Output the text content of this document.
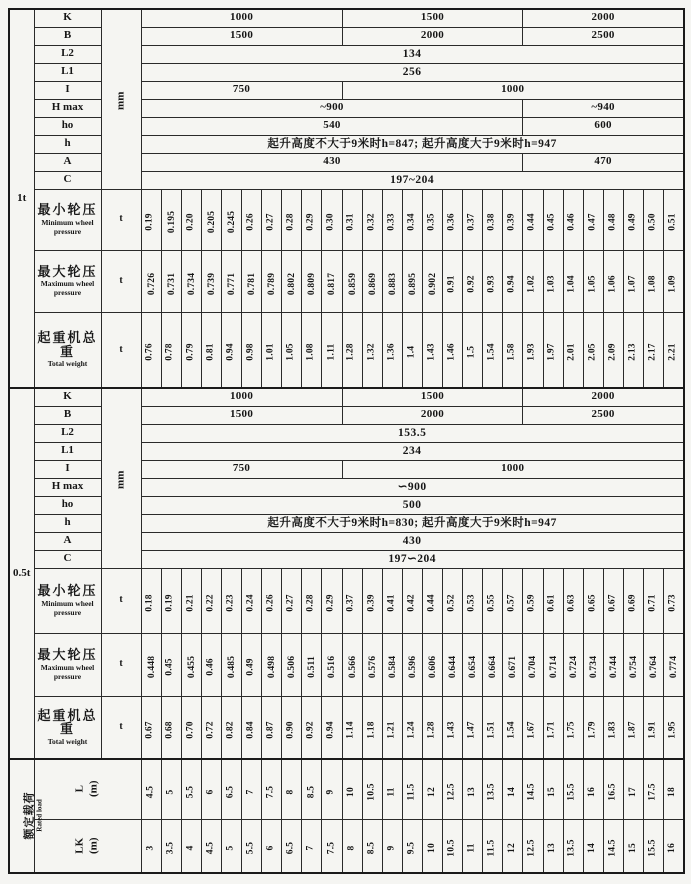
1t	K	mm	1000										1500									2000							
	B		1500										2000									2500							
	L2		134																										
	L1		256																										
	I		750										1000																
	H max		~900																			~940							
	ho		540																			600							
	h		起升高度不大于9米时h=847; 起升高度大于9米时h=947																										
	A		430																			470							
	C		197~204																										

	最小轮压
Minimum wheel pressure	t	0.19	0.195	0.20	0.205	0.245	0.26	0.27	0.28	0.29	0.30	0.31	0.32	0.33	0.34	0.35	0.36	0.37	0.38	0.39	0.44	0.45	0.46	0.47	0.48	0.49	0.50	0.51

	最大轮压
Maximum wheel pressure	t	0.726	0.731	0.734	0.739	0.771	0.781	0.789	0.802	0.809	0.817	0.859	0.869	0.883	0.895	0.902	0.91	0.92	0.93	0.94	1.02	1.03	1.04	1.05	1.06	1.07	1.08	1.09

	起重机总重
Total weight	t	0.76	0.78	0.79	0.81	0.94	0.98	1.01	1.05	1.08	1.11	1.28	1.32	1.36	1.4	1.43	1.46	1.5	1.54	1.58	1.93	1.97	2.01	2.05	2.09	2.13	2.17	2.21
0.5t	K	mm	1000										1500									2000							
	B		1500										2000									2500							
	L2		153.5																										
	L1		234																										
	I		750										1000																
	H max		∽900																										
	ho		500																										
	h		起升高度不大于9米时h=830; 起升高度大于9米时h=947																										
	A		430																										
	C		197∽204																										

	最小轮压
Minimum wheel pressure	t	0.18	0.19	0.21	0.22	0.23	0.24	0.26	0.27	0.28	0.29	0.37	0.39	0.41	0.42	0.44	0.52	0.53	0.55	0.57	0.59	0.61	0.63	0.65	0.67	0.69	0.71	0.73

	最大轮压
Maximum wheel pressure	t	0.448	0.45	0.455	0.46	0.485	0.49	0.498	0.506	0.511	0.516	0.566	0.576	0.584	0.596	0.606	0.644	0.654	0.664	0.671	0.704	0.714	0.724	0.734	0.744	0.754	0.764	0.774

	起重机总重
Total weight	t	0.67	0.68	0.70	0.72	0.82	0.84	0.87	0.90	0.92	0.94	1.14	1.18	1.21	1.24	1.28	1.43	1.47	1.51	1.54	1.67	1.71	1.75	1.79	1.83	1.87	1.91	1.95

额定载荷 Rated load

L (m)	4.5	5	5.5	6	6.5	7	7.5	8	8.5	9	10	10.5	11	11.5	12	12.5	13	13.5	14	14.5	15	15.5	16	16.5	17	17.5	18

	LK (m)		3	3.5	4	4.5	5	5.5	6	6.5	7	7.5	8	8.5	9	9.5	10	10.5	11	11.5	12	12.5	13	13.5	14	14.5	15	15.5	16
